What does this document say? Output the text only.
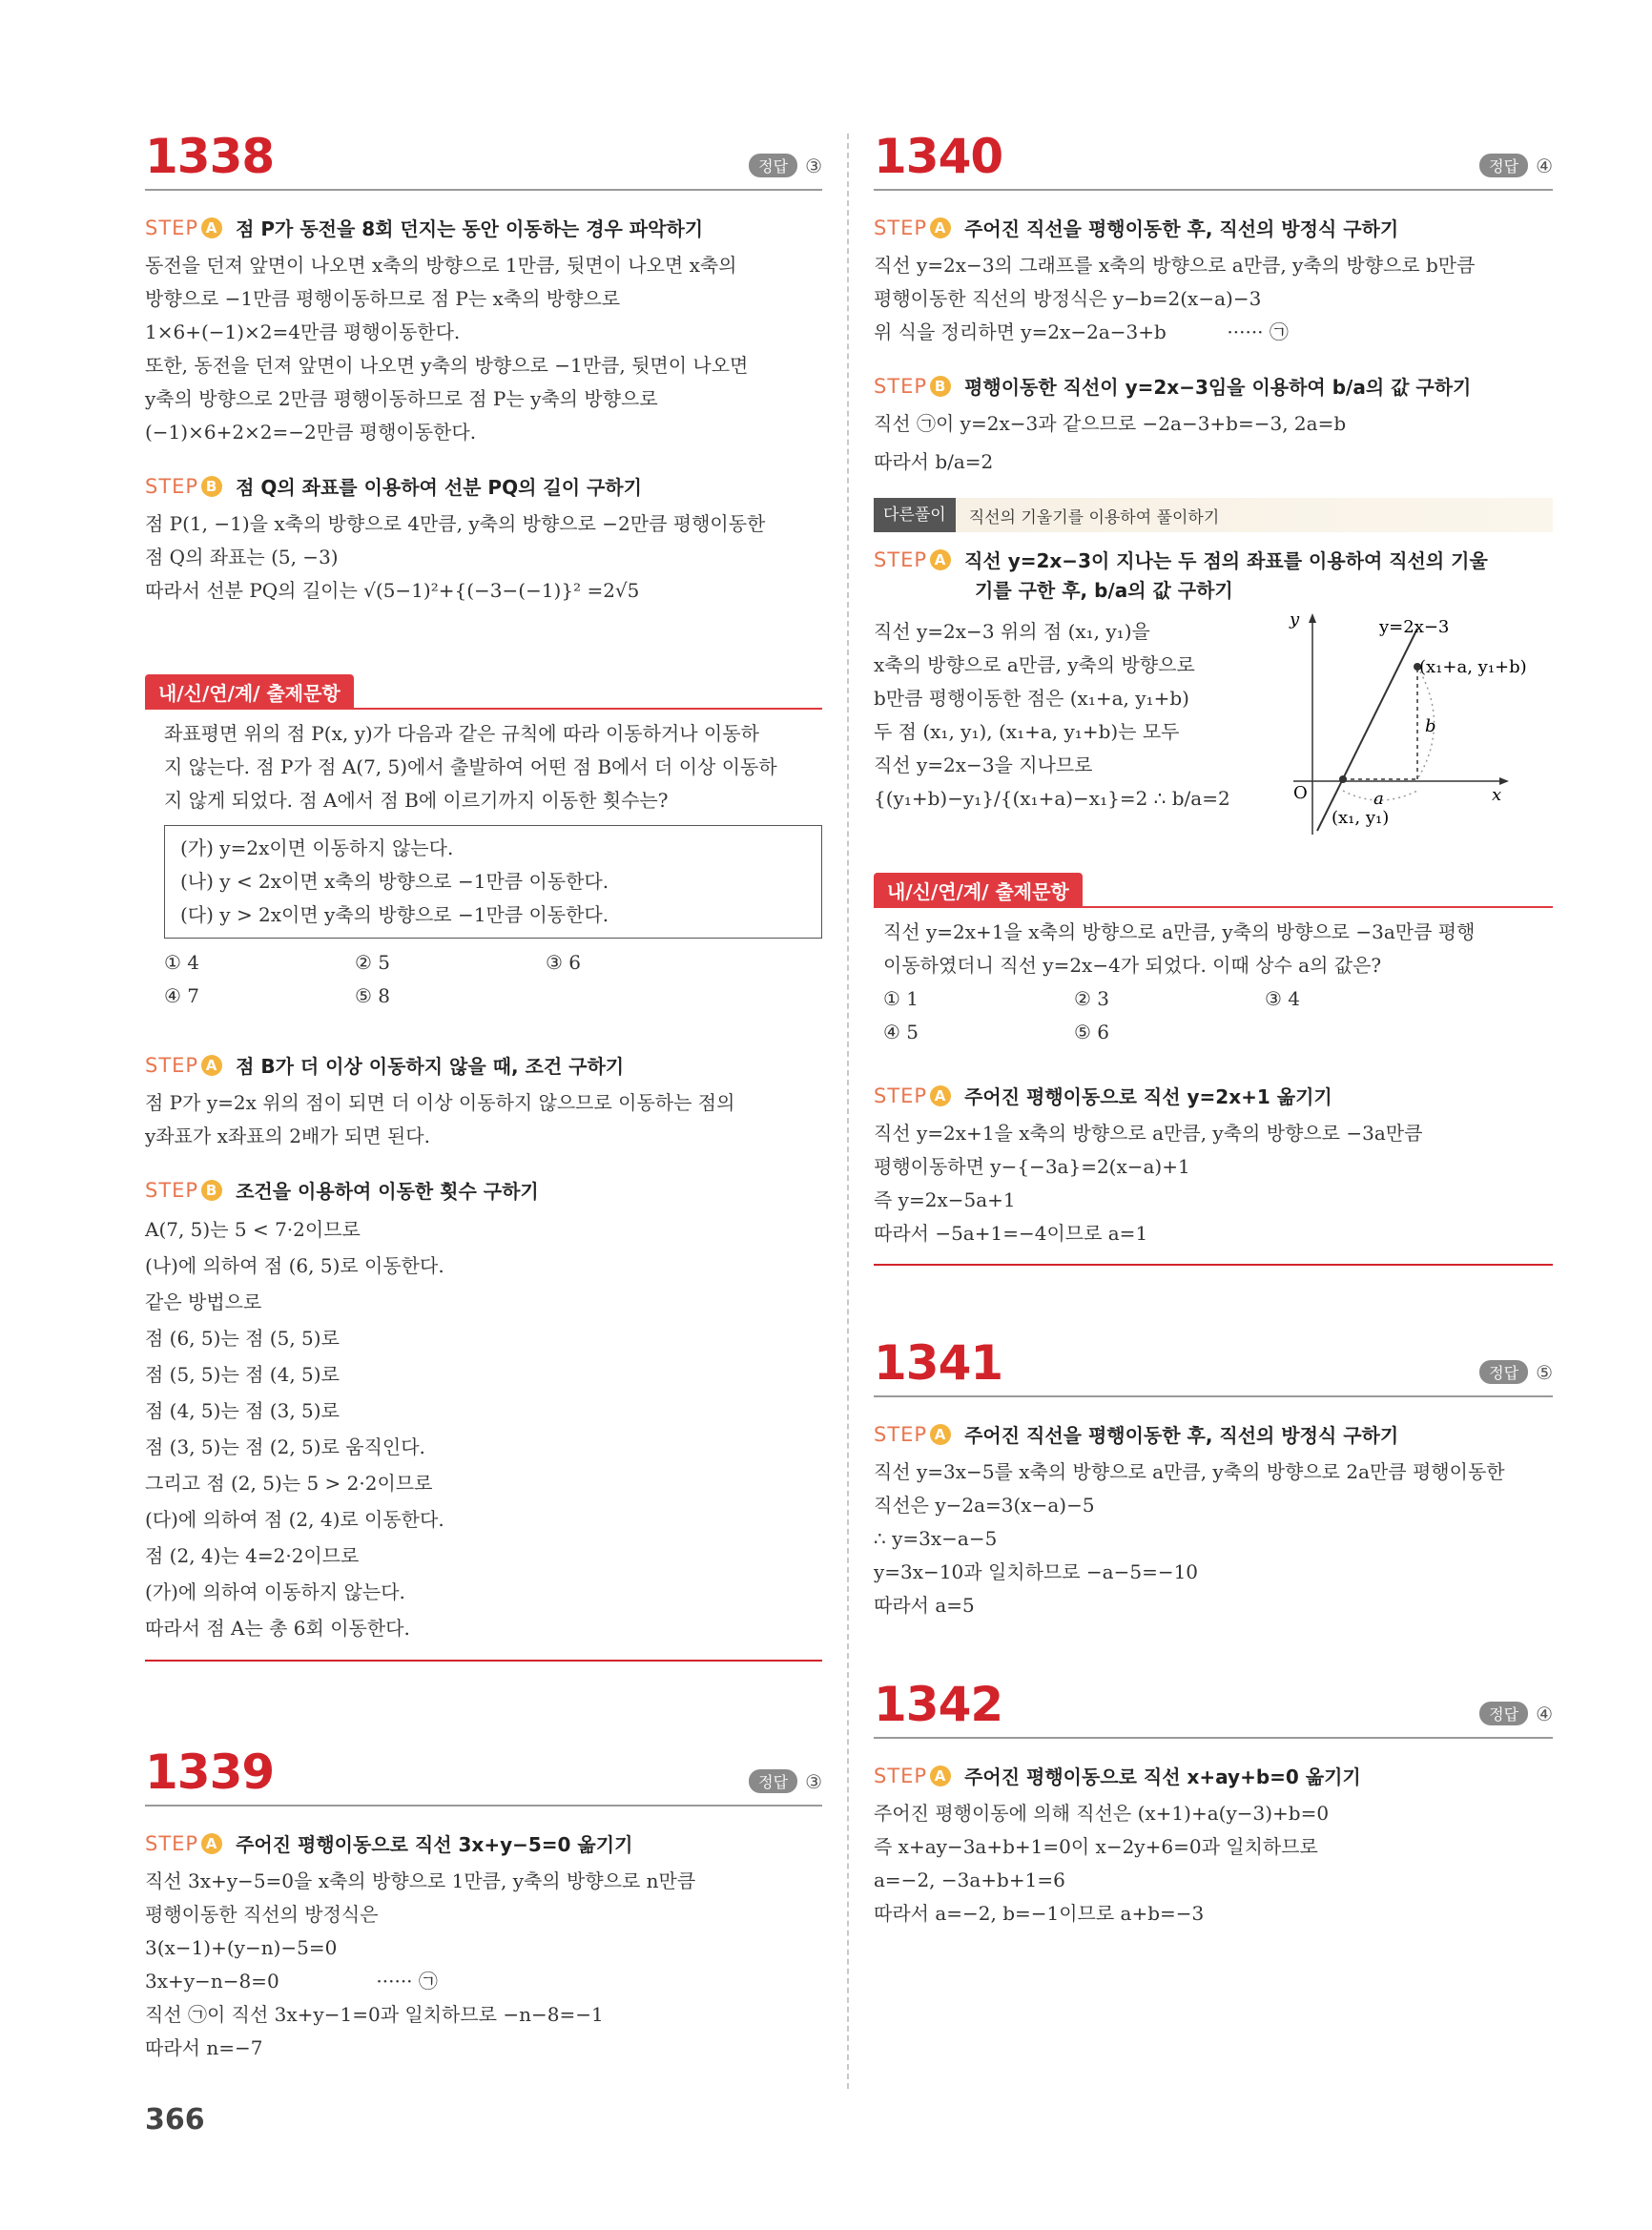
1338	정답 ③
STEP A 점 P가 동전을 8회 던지는 동안 이동하는 경우 파악하기
동전을 던져 앞면이 나오면 x축의 방향으로 1만큼, 뒷면이 나오면 x축의
방향으로 −1만큼 평행이동하므로 점 P는 x축의 방향으로
1×6+(−1)×2=4만큼 평행이동한다.
또한, 동전을 던져 앞면이 나오면 y축의 방향으로 −1만큼, 뒷면이 나오면
y축의 방향으로 2만큼 평행이동하므로 점 P는 y축의 방향으로
(−1)×6+2×2=−2만큼 평행이동한다.
STEP B 점 Q의 좌표를 이용하여 선분 PQ의 길이 구하기
점 P(1, −1)을 x축의 방향으로 4만큼, y축의 방향으로 −2만큼 평행이동한
점 Q의 좌표는 (5, −3)
따라서 선분 PQ의 길이는 √(5−1)²+{(−3−(−1)}² =2√5
내/신/연/계/ 출제문항
좌표평면 위의 점 P(x, y)가 다음과 같은 규칙에 따라 이동하거나 이동하
지 않는다. 점 P가 점 A(7, 5)에서 출발하여 어떤 점 B에서 더 이상 이동하
지 않게 되었다. 점 A에서 점 B에 이르기까지 이동한 횟수는?
(가) y=2x이면 이동하지 않는다.
(나) y < 2x이면 x축의 방향으로 −1만큼 이동한다.
(다) y > 2x이면 y축의 방향으로 −1만큼 이동한다.
① 4	② 5	③ 6
④ 7	⑤ 8
STEP A 점 B가 더 이상 이동하지 않을 때, 조건 구하기
점 P가 y=2x 위의 점이 되면 더 이상 이동하지 않으므로 이동하는 점의
y좌표가 x좌표의 2배가 되면 된다.
STEP B 조건을 이용하여 이동한 횟수 구하기
A(7, 5)는 5 < 7·2이므로
(나)에 의하여 점 (6, 5)로 이동한다.
같은 방법으로
점 (6, 5)는 점 (5, 5)로
점 (5, 5)는 점 (4, 5)로
점 (4, 5)는 점 (3, 5)로
점 (3, 5)는 점 (2, 5)로 움직인다.
그리고 점 (2, 5)는 5 > 2·2이므로
(다)에 의하여 점 (2, 4)로 이동한다.
점 (2, 4)는 4=2·2이므로
(가)에 의하여 이동하지 않는다.
따라서 점 A는 총 6회 이동한다.
1339	정답 ③
STEP A 주어진 평행이동으로 직선 3x+y−5=0 옮기기
직선 3x+y−5=0을 x축의 방향으로 1만큼, y축의 방향으로 n만큼
평행이동한 직선의 방정식은
3(x−1)+(y−n)−5=0
3x+y−n−8=0                ······ ㉠
직선 ㉠이 직선 3x+y−1=0과 일치하므로 −n−8=−1
따라서 n=−7
1340	정답 ④
STEP A 주어진 직선을 평행이동한 후, 직선의 방정식 구하기
직선 y=2x−3의 그래프를 x축의 방향으로 a만큼, y축의 방향으로 b만큼
평행이동한 직선의 방정식은 y−b=2(x−a)−3
위 식을 정리하면 y=2x−2a−3+b          ······ ㉠
STEP B 평행이동한 직선이 y=2x−3임을 이용하여 b/a의 값 구하기
직선 ㉠이 y=2x−3과 같으므로 −2a−3+b=−3, 2a=b
따라서 b/a=2
다른풀이	직선의 기울기를 이용하여 풀이하기
STEP A 직선 y=2x−3이 지나는 두 점의 좌표를 이용하여 직선의 기울
기를 구한 후, b/a의 값 구하기
직선 y=2x−3 위의 점 (x₁, y₁)을
x축의 방향으로 a만큼, y축의 방향으로
b만큼 평행이동한 점은 (x₁+a, y₁+b)
두 점 (x₁, y₁), (x₁+a, y₁+b)는 모두
직선 y=2x−3을 지나므로
{(y₁+b)−y₁}/{(x₁+a)−x₁}=2 ∴ b/a=2
y
x
O
y=2x−3
(x₁+a, y₁+b)
(x₁, y₁)
a
b
내/신/연/계/ 출제문항
직선 y=2x+1을 x축의 방향으로 a만큼, y축의 방향으로 −3a만큼 평행
이동하였더니 직선 y=2x−4가 되었다. 이때 상수 a의 값은?
① 1	② 3	③ 4
④ 5	⑤ 6
STEP A 주어진 평행이동으로 직선 y=2x+1 옮기기
직선 y=2x+1을 x축의 방향으로 a만큼, y축의 방향으로 −3a만큼
평행이동하면 y−{−3a}=2(x−a)+1
즉 y=2x−5a+1
따라서 −5a+1=−4이므로 a=1
1341	정답 ⑤
STEP A 주어진 직선을 평행이동한 후, 직선의 방정식 구하기
직선 y=3x−5를 x축의 방향으로 a만큼, y축의 방향으로 2a만큼 평행이동한
직선은 y−2a=3(x−a)−5
∴ y=3x−a−5
y=3x−10과 일치하므로 −a−5=−10
따라서 a=5
1342	정답 ④
STEP A 주어진 평행이동으로 직선 x+ay+b=0 옮기기
주어진 평행이동에 의해 직선은 (x+1)+a(y−3)+b=0
즉 x+ay−3a+b+1=0이 x−2y+6=0과 일치하므로
a=−2, −3a+b+1=6
따라서 a=−2, b=−1이므로 a+b=−3
366
